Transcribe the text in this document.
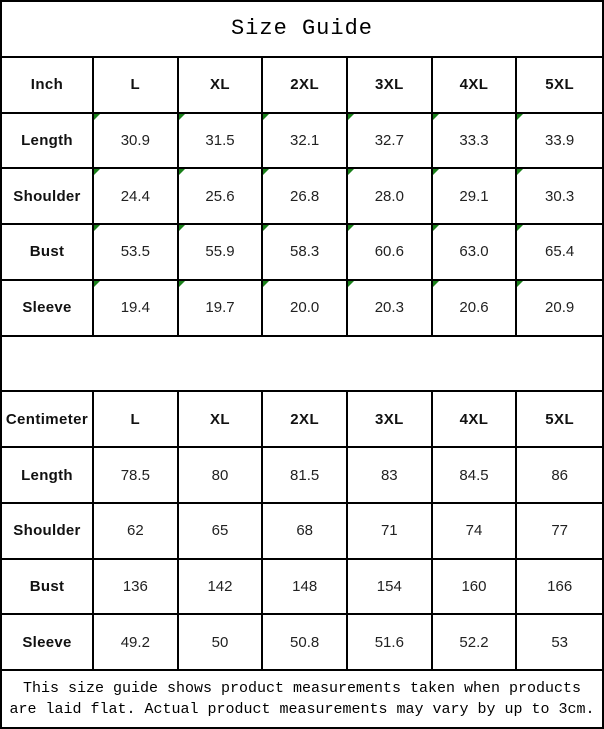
Size Guide
Inch	L	XL	2XL	3XL	4XL	5XL
Length	30.9	31.5	32.1	32.7	33.3	33.9
Shoulder	24.4	25.6	26.8	28.0	29.1	30.3
Bust	53.5	55.9	58.3	60.6	63.0	65.4
Sleeve	19.4	19.7	20.0	20.3	20.6	20.9
Centimeter	L	XL	2XL	3XL	4XL	5XL
Length	78.5	80	81.5	83	84.5	86
Shoulder	62	65	68	71	74	77
Bust	136	142	148	154	160	166
Sleeve	49.2	50	50.8	51.6	52.2	53
This size guide shows product measurements taken when products
are laid flat. Actual product measurements may vary by up to 3cm.
